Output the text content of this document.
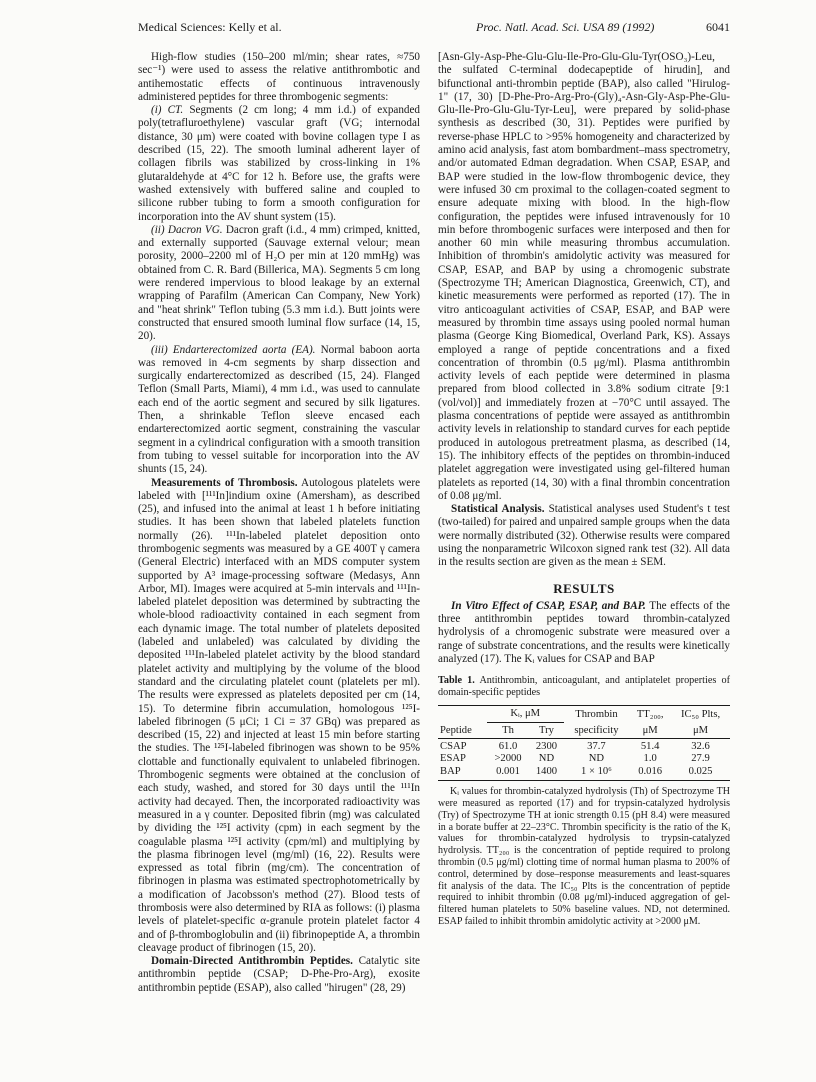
Medical Sciences: Kelly et al.	Proc. Natl. Acad. Sci. USA 89 (1992)	6041

High-flow studies (150–200 ml/min; shear rates, ≈750 sec⁻¹) were used to assess the relative antithrombotic and antihemostatic effects of continuous intravenously administered peptides for three thrombogenic segments:

(i) CT. Segments (2 cm long; 4 mm i.d.) of expanded poly(tetrafluroethylene) vascular graft (VG; internodal distance, 30 μm) were coated with bovine collagen type I as described (15, 22). The smooth luminal adherent layer of collagen fibrils was stabilized by cross-linking in 1% glutaraldehyde at 4°C for 12 h. Before use, the grafts were washed extensively with buffered saline and coupled to silicone rubber tubing to form a smooth configuration for incorporation into the AV shunt system (15).

(ii) Dacron VG. Dacron graft (i.d., 4 mm) crimped, knitted, and externally supported (Sauvage external velour; mean porosity, 2000–2200 ml of H₂O per min at 120 mmHg) was obtained from C. R. Bard (Billerica, MA). Segments 5 cm long were rendered impervious to blood leakage by an external wrapping of Parafilm (American Can Company, New York) and "heat shrink" Teflon tubing (5.3 mm i.d.). Butt joints were constructed that ensured smooth luminal flow surface (14, 15, 20).

(iii) Endarterectomized aorta (EA). Normal baboon aorta was removed in 4-cm segments by sharp dissection and surgically endarterectomized as described (15, 24). Flanged Teflon (Small Parts, Miami), 4 mm i.d., was used to cannulate each end of the aortic segment and secured by silk ligatures. Then, a shrinkable Teflon sleeve encased each endarterectomized aortic segment, constraining the vascular segment in a cylindrical configuration with a smooth transition from tubing to vessel suitable for incorporation into the AV shunts (15, 24).

Measurements of Thrombosis. Autologous platelets were labeled with [¹¹¹In]indium oxine (Amersham), as described (25), and infused into the animal at least 1 h before initiating studies. It has been shown that labeled platelets function normally (26). ¹¹¹In-labeled platelet deposition onto thrombogenic segments was measured by a GE 400T γ camera (General Electric) interfaced with an MDS computer system supported by A³ image-processing software (Medasys, Ann Arbor, MI). Images were acquired at 5-min intervals and ¹¹¹In-labeled platelet deposition was determined by subtracting the whole-blood radioactivity contained in each segment from each dynamic image. The total number of platelets deposited (labeled and unlabeled) was calculated by dividing the deposited ¹¹¹In-labeled platelet activity by the blood standard platelet activity and multiplying by the volume of the blood standard and the circulating platelet count (platelets per ml). The results were expressed as platelets deposited per cm (14, 15). To determine fibrin accumulation, homologous ¹²⁵I-labeled fibrinogen (5 μCi; 1 Ci = 37 GBq) was prepared as described (15, 22) and injected at least 15 min before starting the studies. The ¹²⁵I-labeled fibrinogen was shown to be 95% clottable and functionally equivalent to unlabeled fibrinogen. Thrombogenic segments were obtained at the conclusion of each study, washed, and stored for 30 days until the ¹¹¹In activity had decayed. Then, the incorporated radioactivity was measured in a γ counter. Deposited fibrin (mg) was calculated by dividing the ¹²⁵I activity (cpm) in each segment by the coagulable plasma ¹²⁵I activity (cpm/ml) and multiplying by the plasma fibrinogen level (mg/ml) (16, 22). Results were expressed as total fibrin (mg/cm). The concentration of fibrinogen in plasma was estimated spectrophotometrically by a modification of Jacobsson's method (27). Blood tests of thrombosis were also determined by RIA as follows: (i) plasma levels of platelet-specific α-granule protein platelet factor 4 and of β-thromboglobulin and (ii) fibrinopeptide A, a thrombin cleavage product of fibrinogen (15, 20).

Domain-Directed Antithrombin Peptides. Catalytic site antithrombin peptide (CSAP; D-Phe-Pro-Arg), exosite antithrombin peptide (ESAP), also called "hirugen" (28, 29)

[Asn-Gly-Asp-Phe-Glu-Glu-Ile-Pro-Glu-Glu-Tyr(OSO₃)-Leu, the sulfated C-terminal dodecapeptide of hirudin], and bifunctional anti-thrombin peptide (BAP), also called "Hirulog-1" (17, 30) [D-Phe-Pro-Arg-Pro-(Gly)₄-Asn-Gly-Asp-Phe-Glu-Glu-Ile-Pro-Glu-Glu-Tyr-Leu], were prepared by solid-phase synthesis as described (30, 31). Peptides were purified by reverse-phase HPLC to >95% homogeneity and characterized by amino acid analysis, fast atom bombardment–mass spectrometry, and/or automated Edman degradation. When CSAP, ESAP, and BAP were studied in the low-flow thrombogenic device, they were infused 30 cm proximal to the collagen-coated segment to ensure adequate mixing with blood. In the high-flow configuration, the peptides were infused intravenously for 10 min before thrombogenic surfaces were interposed and then for another 60 min while measuring thrombus accumulation. Inhibition of thrombin's amidolytic activity was measured for CSAP, ESAP, and BAP by using a chromogenic substrate (Spectrozyme TH; American Diagnostica, Greenwich, CT), and kinetic measurements were performed as reported (17). The in vitro anticoagulant activities of CSAP, ESAP, and BAP were measured by thrombin time assays using pooled normal human plasma (George King Biomedical, Overland Park, KS). Assays employed a range of peptide concentrations and a fixed concentration of thrombin (0.5 μg/ml). Plasma antithrombin activity levels of each peptide were determined in plasma prepared from blood collected in 3.8% sodium citrate [9:1 (vol/vol)] and immediately frozen at −70°C until assayed. The plasma concentrations of peptide were assayed as antithrombin activity levels in relationship to standard curves for each peptide produced in autologous pretreatment plasma, as described (14, 15). The inhibitory effects of the peptides on thrombin-induced platelet aggregation were investigated using gel-filtered human platelets as reported (14, 30) with a final thrombin concentration of 0.08 μg/ml.

Statistical Analysis. Statistical analyses used Student's t test (two-tailed) for paired and unpaired sample groups when the data were normally distributed (32). Otherwise results were compared using the nonparametric Wilcoxon signed rank test (32). All data in the results section are given as the mean ± SEM.

RESULTS

In Vitro Effect of CSAP, ESAP, and BAP. The effects of the three antithrombin peptides toward thrombin-catalyzed hydrolysis of a chromogenic substrate were measured over a range of substrate concentrations, and the results were kinetically analyzed (17). The Kᵢ values for CSAP and BAP

Table 1. Antithrombin, anticoagulant, and antiplatelet properties of domain-specific peptides
Peptide	Kᵢ, μM		Thrombin	TT₂₀₀,	IC₅₀ Plts,
	Th	Try	specificity	μM	μM
CSAP	61.0	2300	37.7	51.4	32.6
ESAP	>2000	ND	ND	1.0	27.9
BAP	0.001	1400	1 × 10⁶	0.016	0.025

Kᵢ values for thrombin-catalyzed hydrolysis (Th) of Spectrozyme TH were measured as reported (17) and for trypsin-catalyzed hydrolysis (Try) of Spectrozyme TH at ionic strength 0.15 (pH 8.4) were measured in a borate buffer at 22–23°C. Thrombin specificity is the ratio of the Kᵢ values for thrombin-catalyzed hydrolysis to trypsin-catalyzed hydrolysis. TT₂₀₀ is the concentration of peptide required to prolong thrombin (0.5 μg/ml) clotting time of normal human plasma to 200% of control, determined by dose–response measurements and least-squares fit analysis of the data. The IC₅₀ Plts is the concentration of peptide required to inhibit thrombin (0.08 μg/ml)-induced aggregation of gel-filtered human platelets to 50% baseline values. ND, not determined. ESAP failed to inhibit thrombin amidolytic activity at >2000 μM.
